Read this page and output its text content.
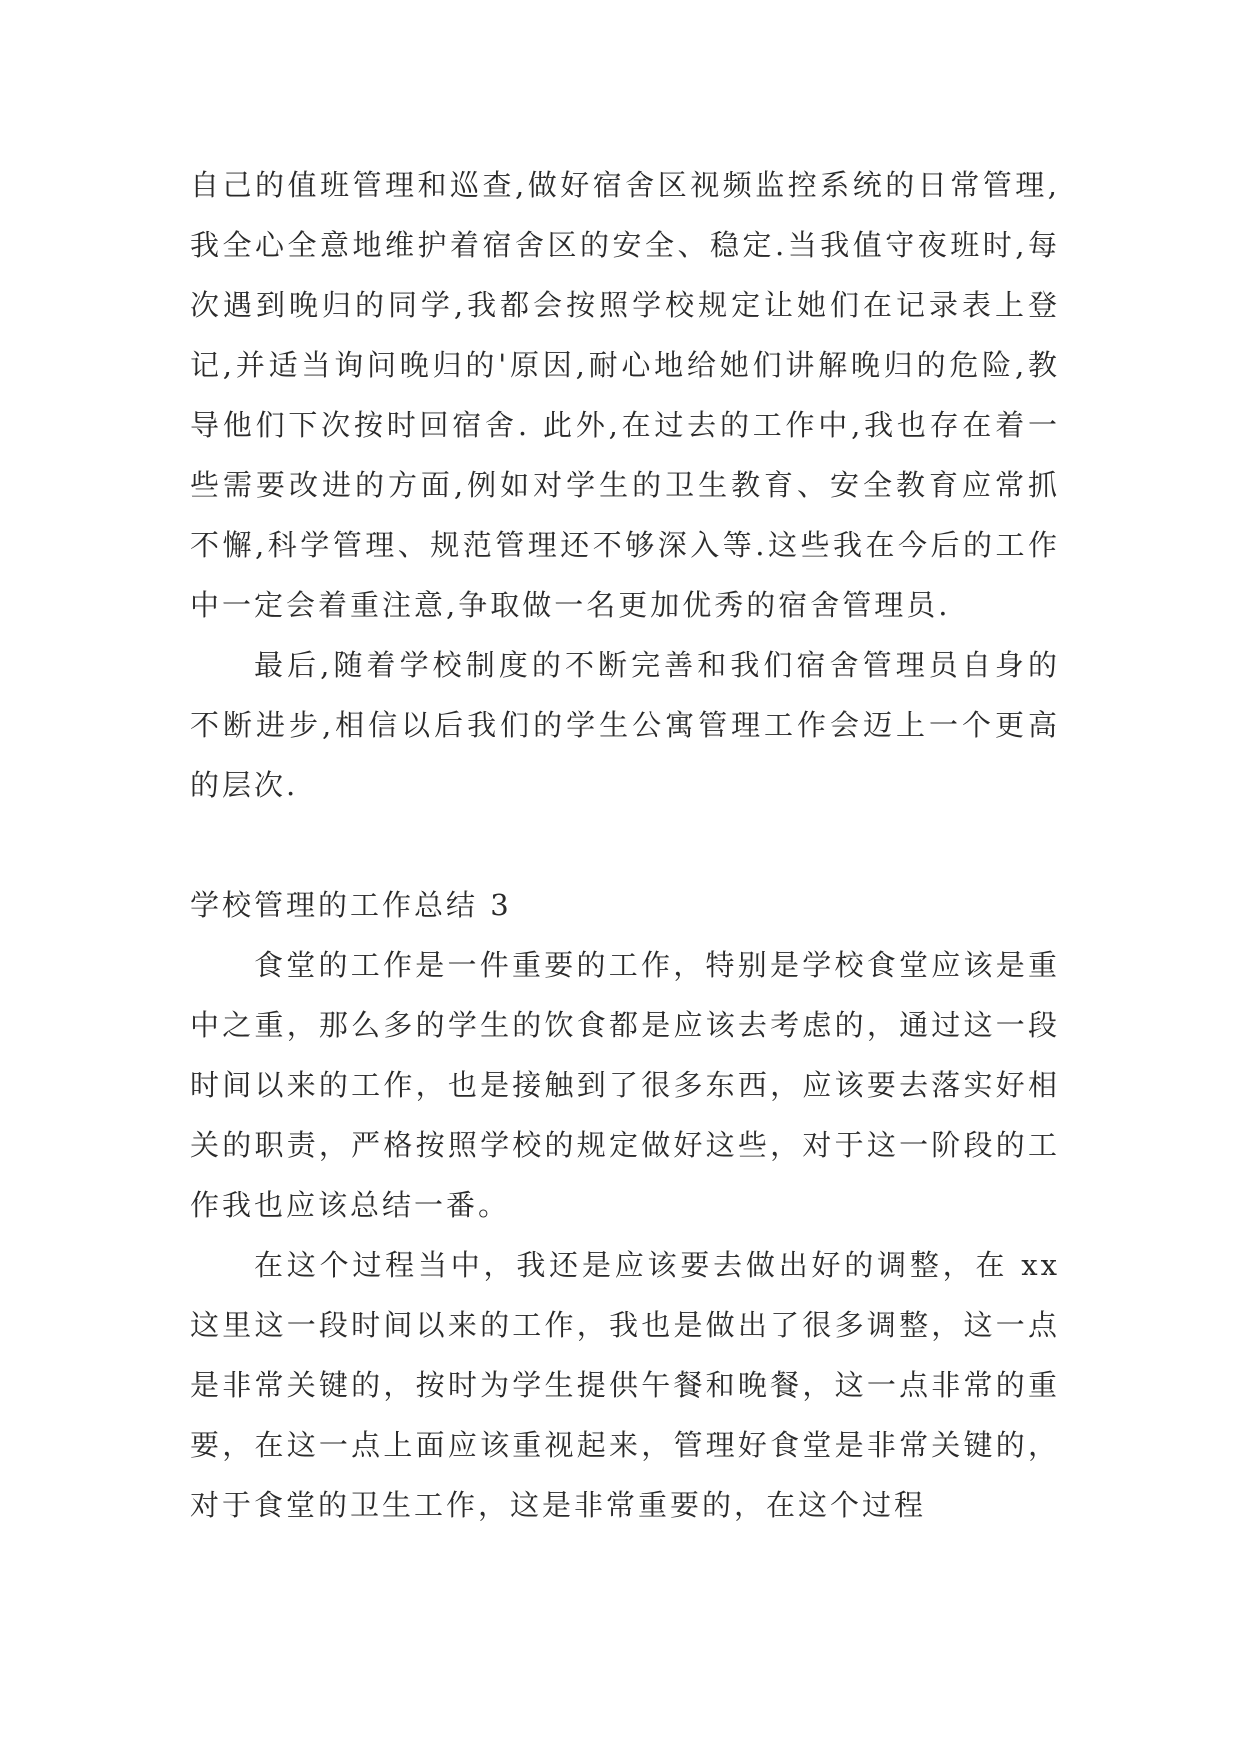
自己的值班管理和巡查,做好宿舍区视频监控系统的日常管理,我全心全意地维护着宿舍区的安全、稳定.当我值守夜班时,每次遇到晚归的同学,我都会按照学校规定让她们在记录表上登记,并适当询问晚归的'原因,耐心地给她们讲解晚归的危险,教导他们下次按时回宿舍. 此外,在过去的工作中,我也存在着一些需要改进的方面,例如对学生的卫生教育、安全教育应常抓不懈,科学管理、规范管理还不够深入等.这些我在今后的工作中一定会着重注意,争取做一名更加优秀的宿舍管理员.

最后,随着学校制度的不断完善和我们宿舍管理员自身的不断进步,相信以后我们的学生公寓管理工作会迈上一个更高的层次.

学校管理的工作总结 3

食堂的工作是一件重要的工作，特别是学校食堂应该是重中之重，那么多的学生的饮食都是应该去考虑的，通过这一段时间以来的工作，也是接触到了很多东西，应该要去落实好相关的职责，严格按照学校的规定做好这些，对于这一阶段的工作我也应该总结一番。

在这个过程当中，我还是应该要去做出好的调整，在 xx 这里这一段时间以来的工作，我也是做出了很多调整，这一点是非常关键的，按时为学生提供午餐和晚餐，这一点非常的重要，在这一点上面应该重视起来，管理好食堂是非常关键的，对于食堂的卫生工作，这是非常重要的，在这个过程
